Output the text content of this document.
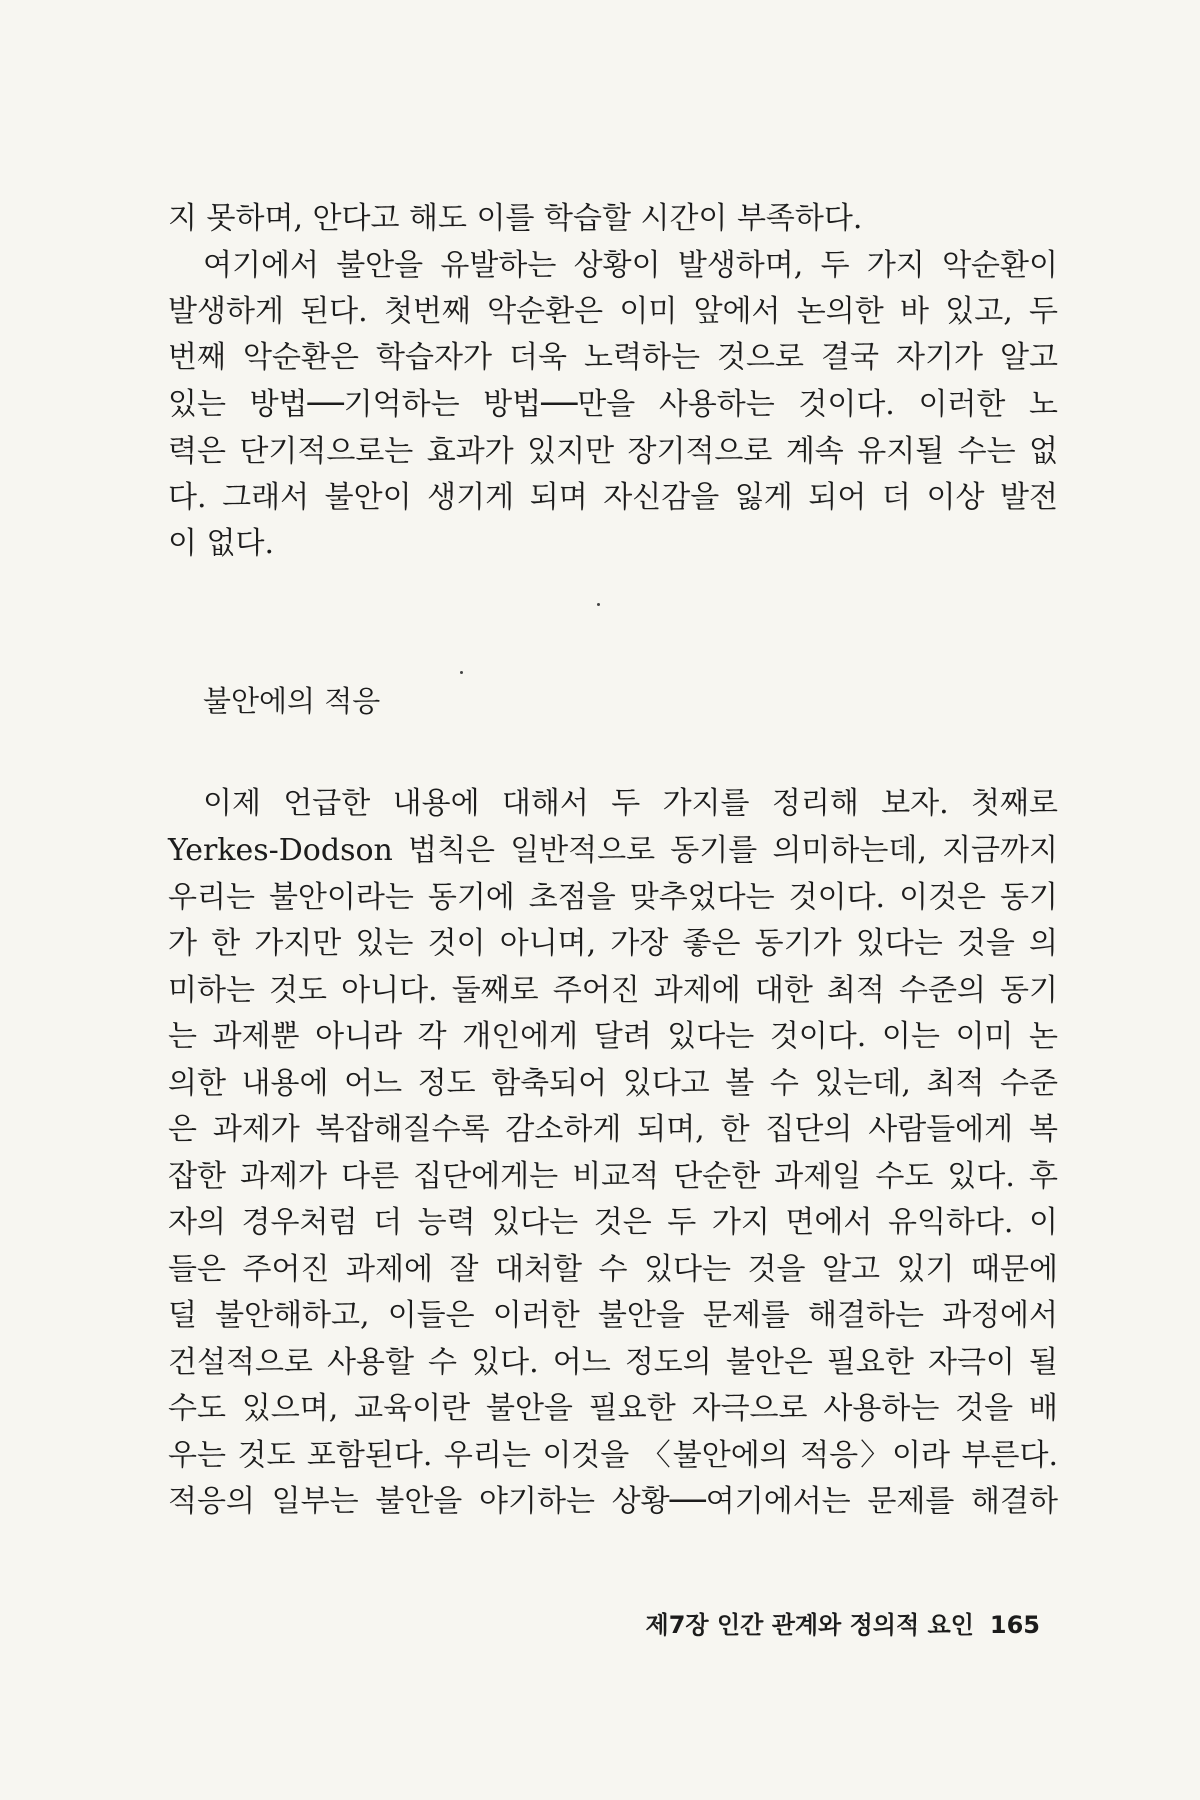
지 못하며, 안다고 해도 이를 학습할 시간이 부족하다.
여기에서 불안을 유발하는 상황이 발생하며, 두 가지 악순환이
발생하게 된다. 첫번째 악순환은 이미 앞에서 논의한 바 있고, 두
번째 악순환은 학습자가 더욱 노력하는 것으로 결국 자기가 알고
있는 방법──기억하는 방법──만을 사용하는 것이다. 이러한 노
력은 단기적으로는 효과가 있지만 장기적으로 계속 유지될 수는 없
다. 그래서 불안이 생기게 되며 자신감을 잃게 되어 더 이상 발전
이 없다.
불안에의 적응
이제 언급한 내용에 대해서 두 가지를 정리해 보자. 첫째로
Yerkes-Dodson 법칙은 일반적으로 동기를 의미하는데, 지금까지
우리는 불안이라는 동기에 초점을 맞추었다는 것이다. 이것은 동기
가 한 가지만 있는 것이 아니며, 가장 좋은 동기가 있다는 것을 의
미하는 것도 아니다. 둘째로 주어진 과제에 대한 최적 수준의 동기
는 과제뿐 아니라 각 개인에게 달려 있다는 것이다. 이는 이미 논
의한 내용에 어느 정도 함축되어 있다고 볼 수 있는데, 최적 수준
은 과제가 복잡해질수록 감소하게 되며, 한 집단의 사람들에게 복
잡한 과제가 다른 집단에게는 비교적 단순한 과제일 수도 있다. 후
자의 경우처럼 더 능력 있다는 것은 두 가지 면에서 유익하다. 이
들은 주어진 과제에 잘 대처할 수 있다는 것을 알고 있기 때문에
덜 불안해하고, 이들은 이러한 불안을 문제를 해결하는 과정에서
건설적으로 사용할 수 있다. 어느 정도의 불안은 필요한 자극이 될
수도 있으며, 교육이란 불안을 필요한 자극으로 사용하는 것을 배
우는 것도 포함된다. 우리는 이것을 〈불안에의 적응〉이라 부른다.
적응의 일부는 불안을 야기하는 상황──여기에서는 문제를 해결하
제7장 인간 관계와 정의적 요인 165
